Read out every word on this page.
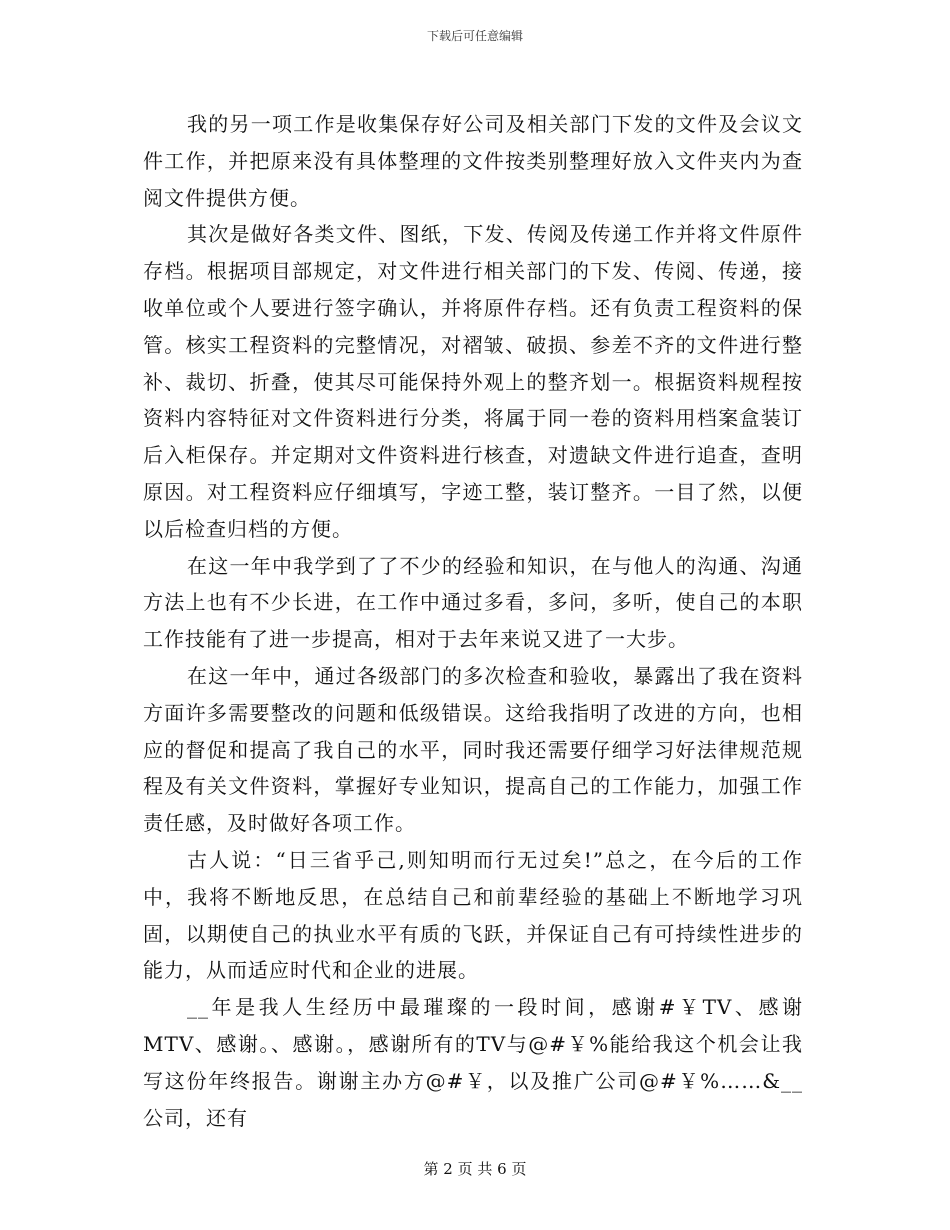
下载后可任意编辑

我的另一项工作是收集保存好公司及相关部门下发的文件及会议文件工作，并把原来没有具体整理的文件按类别整理好放入文件夹内为查阅文件提供方便。

其次是做好各类文件、图纸，下发、传阅及传递工作并将文件原件存档。根据项目部规定，对文件进行相关部门的下发、传阅、传递，接收单位或个人要进行签字确认，并将原件存档。还有负责工程资料的保管。核实工程资料的完整情况，对褶皱、破损、参差不齐的文件进行整补、裁切、折叠，使其尽可能保持外观上的整齐划一。根据资料规程按资料内容特征对文件资料进行分类，将属于同一卷的资料用档案盒装订后入柜保存。并定期对文件资料进行核查，对遗缺文件进行追查，查明原因。对工程资料应仔细填写，字迹工整，装订整齐。一目了然，以便以后检查归档的方便。

在这一年中我学到了了不少的经验和知识，在与他人的沟通、沟通方法上也有不少长进，在工作中通过多看，多问，多听，使自己的本职工作技能有了进一步提高，相对于去年来说又进了一大步。

在这一年中，通过各级部门的多次检查和验收，暴露出了我在资料方面许多需要整改的问题和低级错误。这给我指明了改进的方向，也相应的督促和提高了我自己的水平，同时我还需要仔细学习好法律规范规程及有关文件资料，掌握好专业知识，提高自己的工作能力，加强工作责任感，及时做好各项工作。

古人说：“日三省乎己,则知明而行无过矣!”总之，在今后的工作中，我将不断地反思，在总结自己和前辈经验的基础上不断地学习巩固，以期使自己的执业水平有质的飞跃，并保证自己有可持续性进步的能力，从而适应时代和企业的进展。

__年是我人生经历中最璀璨的一段时间，感谢#￥TV、感谢MTV、感谢。、感谢。，感谢所有的TV与@#￥%能给我这个机会让我写这份年终报告。谢谢主办方@#￥，以及推广公司@#￥%……&__公司，还有

第 2 页 共 6 页
